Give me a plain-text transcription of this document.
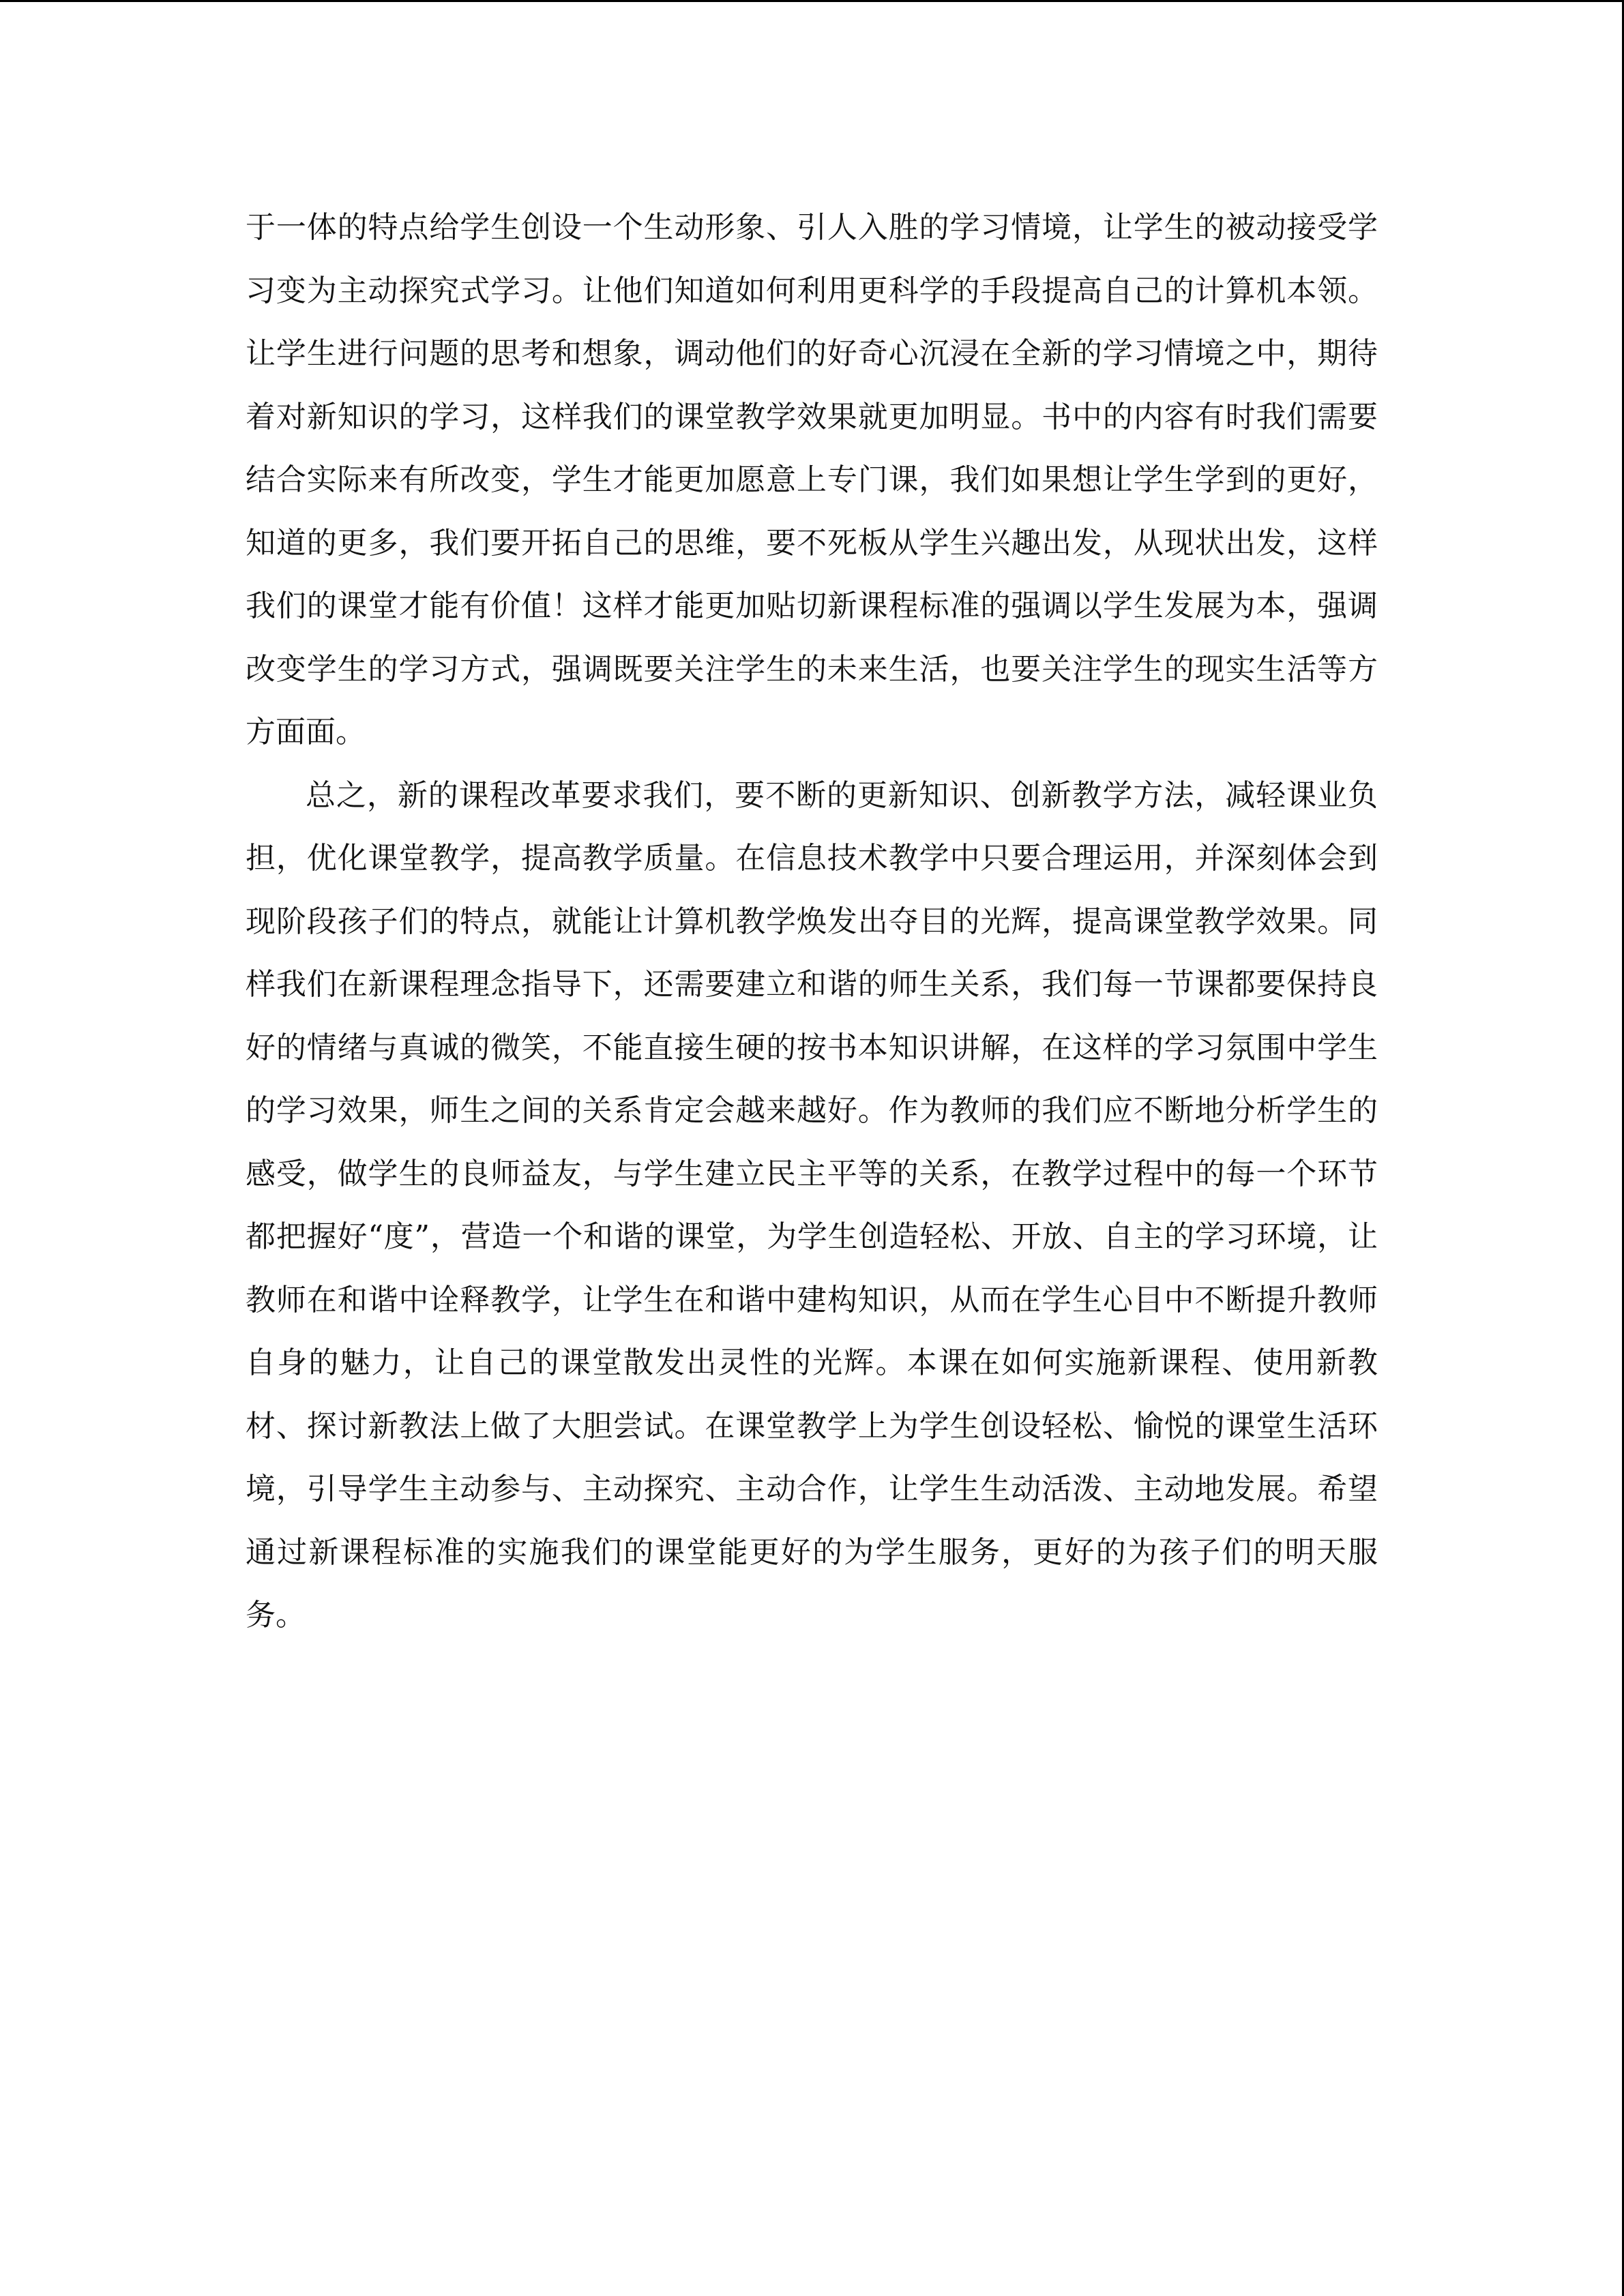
于一体的特点给学生创设一个生动形象、引人入胜的学习情境，让学生的被动接受学习变为主动探究式学习。让他们知道如何利用更科学的手段提高自己的计算机本领。让学生进行问题的思考和想象，调动他们的好奇心沉浸在全新的学习情境之中，期待着对新知识的学习，这样我们的课堂教学效果就更加明显。书中的内容有时我们需要结合实际来有所改变，学生才能更加愿意上专门课，我们如果想让学生学到的更好，知道的更多，我们要开拓自己的思维，要不死板从学生兴趣出发，从现状出发，这样我们的课堂才能有价值！这样才能更加贴切新课程标准的强调以学生发展为本，强调改变学生的学习方式，强调既要关注学生的未来生活，也要关注学生的现实生活等方方面面。

总之，新的课程改革要求我们，要不断的更新知识、创新教学方法，减轻课业负担，优化课堂教学，提高教学质量。在信息技术教学中只要合理运用，并深刻体会到现阶段孩子们的特点，就能让计算机教学焕发出夺目的光辉，提高课堂教学效果。同样我们在新课程理念指导下，还需要建立和谐的师生关系，我们每一节课都要保持良好的情绪与真诚的微笑，不能直接生硬的按书本知识讲解，在这样的学习氛围中学生的学习效果，师生之间的关系肯定会越来越好。作为教师的我们应不断地分析学生的感受，做学生的良师益友，与学生建立民主平等的关系，在教学过程中的每一个环节都把握好“度”，营造一个和谐的课堂，为学生创造轻松、开放、自主的学习环境，让教师在和谐中诠释教学，让学生在和谐中建构知识，从而在学生心目中不断提升教师自身的魅力，让自己的课堂散发出灵性的光辉。本课在如何实施新课程、使用新教材、探讨新教法上做了大胆尝试。在课堂教学上为学生创设轻松、愉悦的课堂生活环境，引导学生主动参与、主动探究、主动合作，让学生生动活泼、主动地发展。希望通过新课程标准的实施我们的课堂能更好的为学生服务，更好的为孩子们的明天服务。
